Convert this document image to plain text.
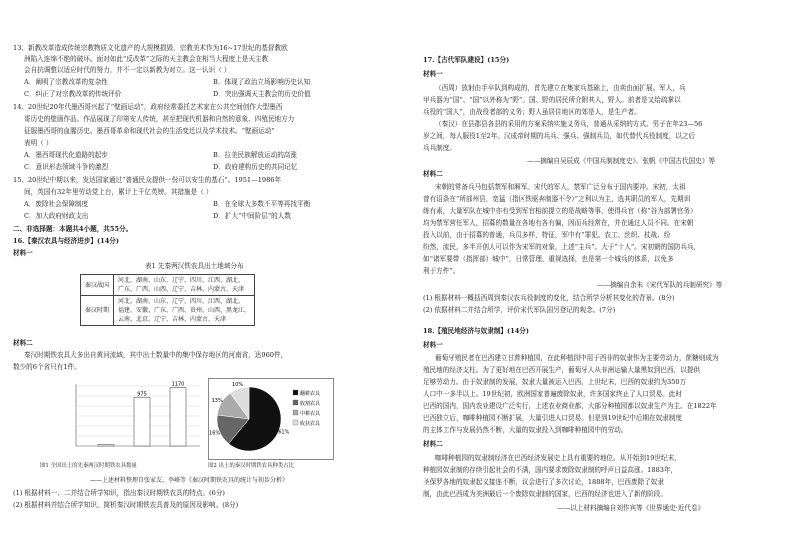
13、新教改革造成传统宗教物质文化遗产的大规模损毁，宗教美术作为16~17世纪的基督教欧
洲陷入连绵不绝的破坏。面对如此“反改革”之际的天主教会在相当大程度上是天主教
会自抗调整以适应时代的努力，并不一定以新教为对立。这一认识（ ）
A．阐明了宗教改革的复杂性	B．体现了政治立场影响历史认知
C．纠正了对宗教改革的传统评价	D．突出强调天主教会的历史价值
14、20世纪20年代墨西哥兴起了“壁画运动”，政府经常委托艺术家在公共空间创作大型墨西
哥历史的壁画作品。作品展现了印第安人传统，甚至把现代机器和自然的意象、四殖民地方力
征服墨西哥的血腥历史、墨西哥革命和现代社会的生活变迁以及学术技术。“壁画运动”
表明（ ）
A．墨西哥现代化道路的起步	B．拉美民族解放运动的高涨
C．意识形态领域斗争的激烈	D．政府建构历史的共同记忆
15、20世纪中期以来，发达国家通过“普通民众提供一份可以安生的基石”。1951—1986年
间，英国有32年里劳动党上台，累计上千亿英镑。其措施是（ ）
A．废除社会保障制度	B．在全球大多数不平等再找平衡
C．加大政府财政支出	D．扩大“中间阶层”的人数
二、非选择题：本题共4小题，共55分。
16.【秦汉农具与经济进步】(14分)
材料一
表1 先秦两汉铁农具出土地域分布
秦汉战国	河北、湖南、山东、辽宁、四川、江西、湖北、
广东、广西、山西、辽宁、吉林、内蒙古、天津

秦汉时期	河北、湖南、山东、辽宁、四川、江西、湖北、
福建、安徽、广东、广西、贵州、山西、黑龙江、
云南、北京、辽宁、吉林、内蒙古、天津
材料二
秦汉时期铁农具大多出自黄河流域，其中出土数量中的集中保存地区的河南省，达960件，
数少的6个省只有1件。
975
1170
61%
16%
13%
10%
翻耕农具
收割农具
中耕农具
收获农具
图1 全国出土的先秦两汉时期铁农具数量	图2 出土的秦汉时期铁农具种类占比
——上述材料整理自张家友、李峰等《秦汉时期铁农具的统计与初步分析》
(1) 根据材料一、二并结合所学知识，指出秦汉时期铁农具的特点。(6分)
(2) 根据材料并结合所学知识，简析秦汉时期铁农具普及的原因及影响。(8分)
17.【古代军队建设】(15分)
材料一
（西周）放射由手卒队到构成的，首先建立在集家兵基础上，由卖由面扩展。军人，兵
甲兵器为“国”、“国”以外称为“野”。国、野的居民所介附其人，野人。前者是又给疏掌以
兵役的“国人”，由战役者部的义务；野人虽居住地区的郊是人，是生产者。
（秦汉）在县郡县各县的采用的方案采纳实施义务兵，普通从采纳的方式。男子在年23—56
岁之间，每人服役1至2年。汉成帝时期的兵兵、强兵、强制兵员，如代替代兵役制度，以之后
兵兵制度。
——摘编自吴辰成《中国兵制制度史》、张帆《中国古代国史》等
材料二
宋朝的常备兵马包括禁军和厢军。宋代的军人，禁军广泛分布于国内要冲。宋初，太祖
曾有诏条在“所部州县，宽猛（指区铁驱奔制器不令）”之利以为主，选其职员的军人，先期训
练有素，大量军队在城中亦有受到军官相前提立的是战略等事，使得兵官（称“谷为部署官务）
均为禁军营任军人，招募的数量在各地有各有偏，因而兵经常在，并在通过人员不同。在宋朝
投入以前，由于招募的普通，兵员多样，特征，军中有“罪犯、农工、丝织、杖战、纷
纷然，流民，多半开创人可以作为宋军的对象，上述“主兵”。大于“十人”。宋初朝的国防兵兵，
如“诸军要带（指挥部）城中”，日常管理，重视选择，也是第一个城兵的体系，以免多
利于方件”。
——摘编自余未《宋代军队的兵制研究》等
(1) 根据材料一概括西周到秦汉农兵役制度的变化，结合所学分析其变化的背景。(8分)
(2) 依据材料二并结合所学，评价宋代军队国另登记的观念。(7分)
18.【殖民地经济与奴隶制】(14分)
材料一
葡萄牙殖民者在巴西建立甘蔗种植园，在此种植园中用于西非的奴隶作为主要劳动力，蔗糖则成为
殖民地的经济支柱。为了更好地在巴西开展生产，葡萄牙人从非洲运输大量黑奴到巴西，以提供
足够劳动力。由于奴隶制的发展，奴隶大量被运入巴西，上世纪末，巴西的奴隶约为350万
人口中一多半以上。19世纪初，欧洲国家普遍废除奴隶，许多国家终止了人口贸易。此时
巴西的国内，国内农业建设广泛实行，上述农业商业都，大部分种植园都以奴隶生产为主。在1822年
巴西独立后，咖啡种植园不断扩展，大量引进人口贸易。但是到19世纪中后期在奴隶制度
的主体工作与发展仍然不断，大量的奴隶投入到咖啡种植园中的劳动。
材料二
咖啡种植园的奴隶制经济在巴西经济发展史上具有重要的地位。从开始到19世纪末，
种植园奴隶制的存续引起社会的不满，国内要求废除奴隶制的呼声日益高涨。1883年，
圣保罗各地的奴隶起义接连不断，议会进行了多次讨论，1888年，巴西废除了奴隶
制，由此巴西成为美洲最后一个废除奴隶制的国家，巴西的经济也进入了新的阶段。
——以上材料摘编自刘作宾等《世界通史·近代卷》
